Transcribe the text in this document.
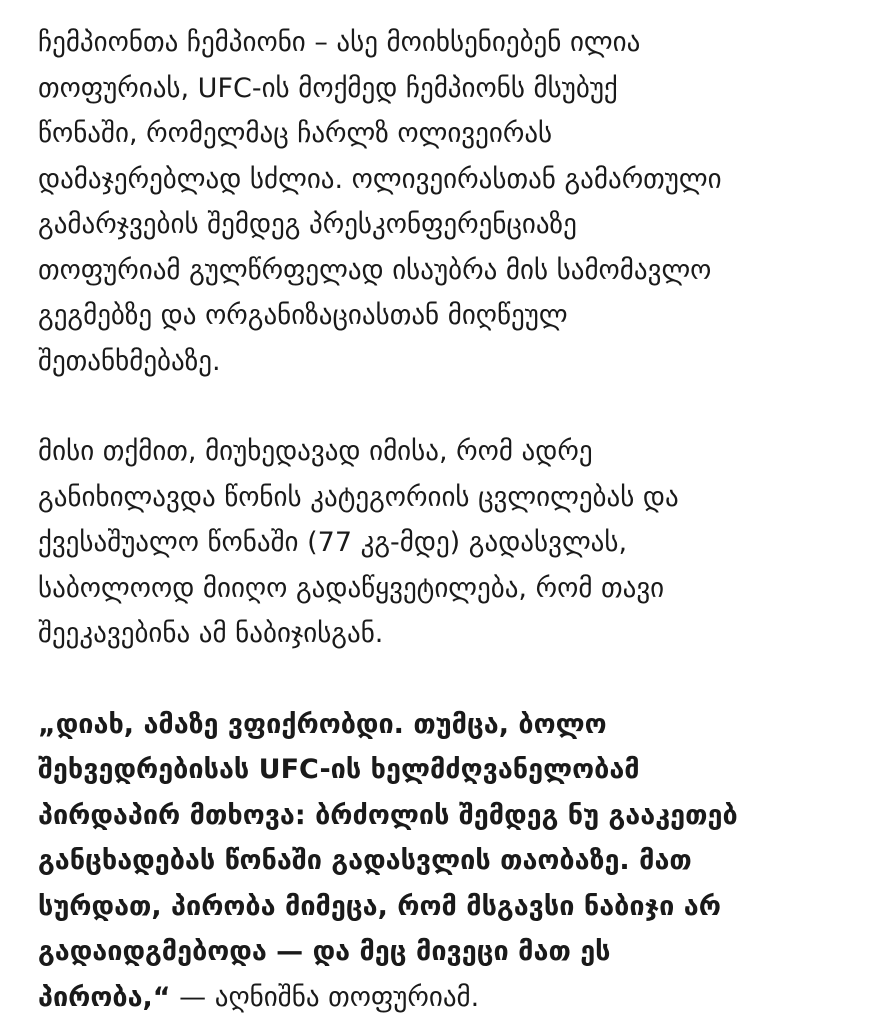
ჩემპიონთა ჩემპიონი – ასე მოიხსენიებენ ილია
თოფურიას, UFC-ის მოქმედ ჩემპიონს მსუბუქ
წონაში, რომელმაც ჩარლზ ოლივეირას
დამაჯერებლად სძლია. ოლივეირასთან გამართული
გამარჯვების შემდეგ პრესკონფერენციაზე
თოფურიამ გულწრფელად ისაუბრა მის სამომავლო
გეგმებზე და ორგანიზაციასთან მიღწეულ
შეთანხმებაზე.

მისი თქმით, მიუხედავად იმისა, რომ ადრე
განიხილავდა წონის კატეგორიის ცვლილებას და
ქვესაშუალო წონაში (77 კგ-მდე) გადასვლას,
საბოლოოდ მიიღო გადაწყვეტილება, რომ თავი
შეეკავებინა ამ ნაბიჯისგან.

„დიახ, ამაზე ვფიქრობდი. თუმცა, ბოლო
შეხვედრებისას UFC-ის ხელმძღვანელობამ
პირდაპირ მთხოვა: ბრძოლის შემდეგ ნუ გააკეთებ
განცხადებას წონაში გადასვლის თაობაზე. მათ
სურდათ, პირობა მიმეცა, რომ მსგავსი ნაბიჯი არ
გადაიდგმებოდა — და მეც მივეცი მათ ეს
პირობა,“ — აღნიშნა თოფურიამ.
